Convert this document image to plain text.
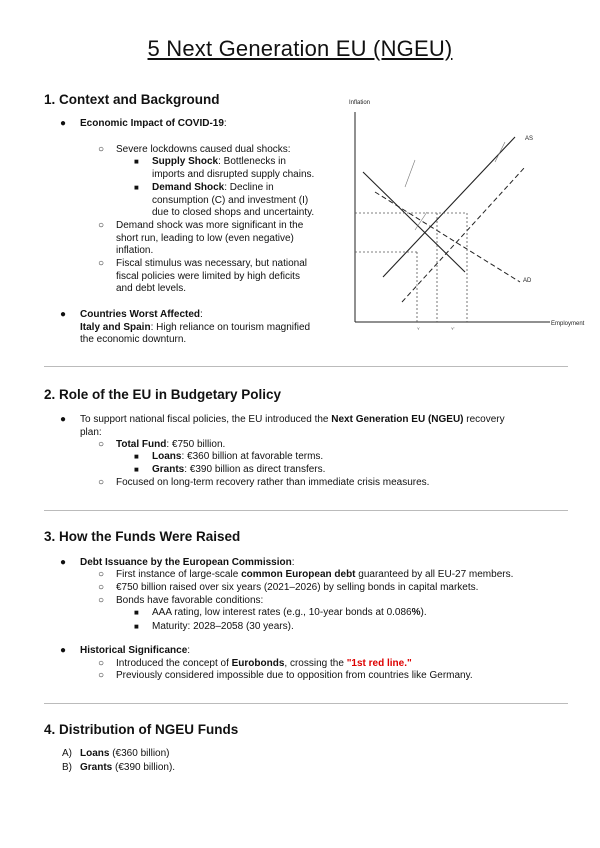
5 Next Generation EU (NGEU)
1. Context and Background
● Economic Impact of COVID-19:
○ Severe lockdowns caused dual shocks:
■ Supply Shock: Bottlenecks in
imports and disrupted supply chains.
■ Demand Shock: Decline in
consumption (C) and investment (I)
due to closed shops and uncertainty.
○ Demand shock was more significant in the
short run, leading to low (even negative)
inflation.
○ Fiscal stimulus was necessary, but national
fiscal policies were limited by high deficits
and debt levels.
● Countries Worst Affected:
Italy and Spain: High reliance on tourism magnified
the economic downturn.
Inflation
Employment
AS
AD
Y	Y′
2. Role of the EU in Budgetary Policy
● To support national fiscal policies, the EU introduced the Next Generation EU (NGEU) recovery
plan:
○ Total Fund: €750 billion.
■ Loans: €360 billion at favorable terms.
■ Grants: €390 billion as direct transfers.
○ Focused on long-term recovery rather than immediate crisis measures.
3. How the Funds Were Raised
● Debt Issuance by the European Commission:
○ First instance of large-scale common European debt guaranteed by all EU-27 members.
○ €750 billion raised over six years (2021–2026) by selling bonds in capital markets.
○ Bonds have favorable conditions:
■ AAA rating, low interest rates (e.g., 10-year bonds at 0.086%).
■ Maturity: 2028–2058 (30 years).
● Historical Significance:
○ Introduced the concept of Eurobonds, crossing the "1st red line."
○ Previously considered impossible due to opposition from countries like Germany.
4. Distribution of NGEU Funds
A) Loans (€360 billion)
B) Grants (€390 billion).
